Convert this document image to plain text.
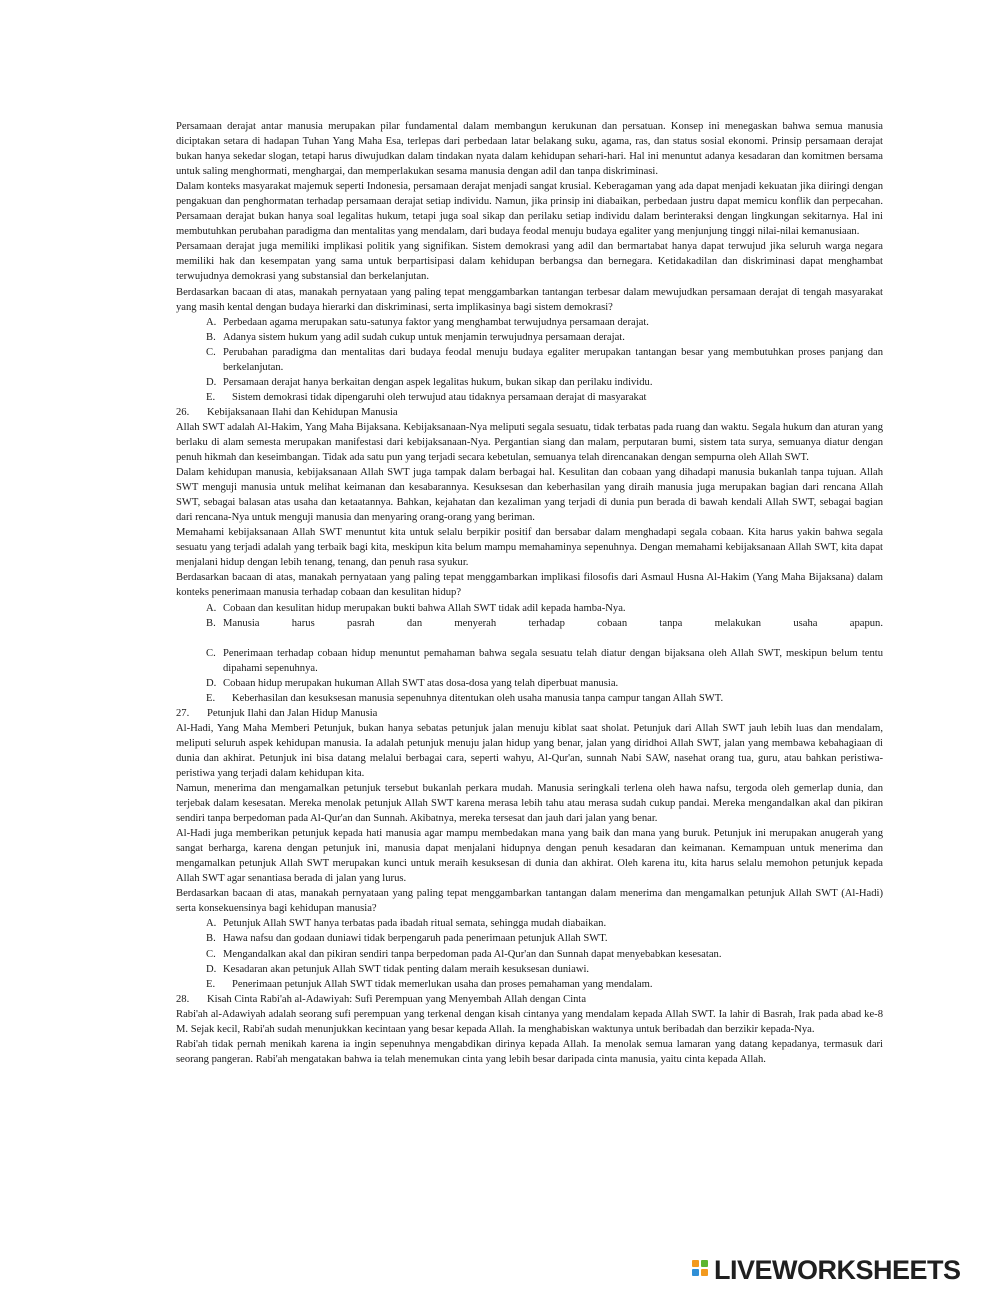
Persamaan derajat antar manusia merupakan pilar fundamental dalam membangun kerukunan dan persatuan. Konsep ini menegaskan bahwa semua manusia diciptakan setara di hadapan Tuhan Yang Maha Esa, terlepas dari perbedaan latar belakang suku, agama, ras, dan status sosial ekonomi. Prinsip persamaan derajat bukan hanya sekedar slogan, tetapi harus diwujudkan dalam tindakan nyata dalam kehidupan sehari-hari. Hal ini menuntut adanya kesadaran dan komitmen bersama untuk saling menghormati, menghargai, dan memperlakukan sesama manusia dengan adil dan tanpa diskriminasi.

Dalam konteks masyarakat majemuk seperti Indonesia, persamaan derajat menjadi sangat krusial. Keberagaman yang ada dapat menjadi kekuatan jika diiringi dengan pengakuan dan penghormatan terhadap persamaan derajat setiap individu. Namun, jika prinsip ini diabaikan, perbedaan justru dapat memicu konflik dan perpecahan. Persamaan derajat bukan hanya soal legalitas hukum, tetapi juga soal sikap dan perilaku setiap individu dalam berinteraksi dengan lingkungan sekitarnya. Hal ini membutuhkan perubahan paradigma dan mentalitas yang mendalam, dari budaya feodal menuju budaya egaliter yang menjunjung tinggi nilai-nilai kemanusiaan.

Persamaan derajat juga memiliki implikasi politik yang signifikan. Sistem demokrasi yang adil dan bermartabat hanya dapat terwujud jika seluruh warga negara memiliki hak dan kesempatan yang sama untuk berpartisipasi dalam kehidupan berbangsa dan bernegara. Ketidakadilan dan diskriminasi dapat menghambat terwujudnya demokrasi yang substansial dan berkelanjutan.

Berdasarkan bacaan di atas, manakah pernyataan yang paling tepat menggambarkan tantangan terbesar dalam mewujudkan persamaan derajat di tengah masyarakat yang masih kental dengan budaya hierarki dan diskriminasi, serta implikasinya bagi sistem demokrasi?

A. Perbedaan agama merupakan satu-satunya faktor yang menghambat terwujudnya persamaan derajat.
B. Adanya sistem hukum yang adil sudah cukup untuk menjamin terwujudnya persamaan derajat.
C. Perubahan paradigma dan mentalitas dari budaya feodal menuju budaya egaliter merupakan tantangan besar yang membutuhkan proses panjang dan berkelanjutan.
D. Persamaan derajat hanya berkaitan dengan aspek legalitas hukum, bukan sikap dan perilaku individu.
E. Sistem demokrasi tidak dipengaruhi oleh terwujud atau tidaknya persamaan derajat di masyarakat

26. Kebijaksanaan Ilahi dan Kehidupan Manusia

Allah SWT adalah Al-Hakim, Yang Maha Bijaksana. Kebijaksanaan-Nya meliputi segala sesuatu, tidak terbatas pada ruang dan waktu. Segala hukum dan aturan yang berlaku di alam semesta merupakan manifestasi dari kebijaksanaan-Nya. Pergantian siang dan malam, perputaran bumi, sistem tata surya, semuanya diatur dengan penuh hikmah dan keseimbangan. Tidak ada satu pun yang terjadi secara kebetulan, semuanya telah direncanakan dengan sempurna oleh Allah SWT.

Dalam kehidupan manusia, kebijaksanaan Allah SWT juga tampak dalam berbagai hal. Kesulitan dan cobaan yang dihadapi manusia bukanlah tanpa tujuan. Allah SWT menguji manusia untuk melihat keimanan dan kesabarannya. Kesuksesan dan keberhasilan yang diraih manusia juga merupakan bagian dari rencana Allah SWT, sebagai balasan atas usaha dan ketaatannya. Bahkan, kejahatan dan kezaliman yang terjadi di dunia pun berada di bawah kendali Allah SWT, sebagai bagian dari rencana-Nya untuk menguji manusia dan menyaring orang-orang yang beriman.

Memahami kebijaksanaan Allah SWT menuntut kita untuk selalu berpikir positif dan bersabar dalam menghadapi segala cobaan. Kita harus yakin bahwa segala sesuatu yang terjadi adalah yang terbaik bagi kita, meskipun kita belum mampu memahaminya sepenuhnya. Dengan memahami kebijaksanaan Allah SWT, kita dapat menjalani hidup dengan lebih tenang, tenang, dan penuh rasa syukur.

Berdasarkan bacaan di atas, manakah pernyataan yang paling tepat menggambarkan implikasi filosofis dari Asmaul Husna Al-Hakim (Yang Maha Bijaksana) dalam konteks penerimaan manusia terhadap cobaan dan kesulitan hidup?

A. Cobaan dan kesulitan hidup merupakan bukti bahwa Allah SWT tidak adil kepada hamba-Nya.
B. Manusia harus pasrah dan menyerah terhadap cobaan tanpa melakukan usaha apapun.
C. Penerimaan terhadap cobaan hidup menuntut pemahaman bahwa segala sesuatu telah diatur dengan bijaksana oleh Allah SWT, meskipun belum tentu dipahami sepenuhnya.
D. Cobaan hidup merupakan hukuman Allah SWT atas dosa-dosa yang telah diperbuat manusia.
E. Keberhasilan dan kesuksesan manusia sepenuhnya ditentukan oleh usaha manusia tanpa campur tangan Allah SWT.

27. Petunjuk Ilahi dan Jalan Hidup Manusia

Al-Hadi, Yang Maha Memberi Petunjuk, bukan hanya sebatas petunjuk jalan menuju kiblat saat sholat. Petunjuk dari Allah SWT jauh lebih luas dan mendalam, meliputi seluruh aspek kehidupan manusia. Ia adalah petunjuk menuju jalan hidup yang benar, jalan yang diridhoi Allah SWT, jalan yang membawa kebahagiaan di dunia dan akhirat. Petunjuk ini bisa datang melalui berbagai cara, seperti wahyu, Al-Qur'an, sunnah Nabi SAW, nasehat orang tua, guru, atau bahkan peristiwa-peristiwa yang terjadi dalam kehidupan kita.

Namun, menerima dan mengamalkan petunjuk tersebut bukanlah perkara mudah. Manusia seringkali terlena oleh hawa nafsu, tergoda oleh gemerlap dunia, dan terjebak dalam kesesatan. Mereka menolak petunjuk Allah SWT karena merasa lebih tahu atau merasa sudah cukup pandai. Mereka mengandalkan akal dan pikiran sendiri tanpa berpedoman pada Al-Qur'an dan Sunnah. Akibatnya, mereka tersesat dan jauh dari jalan yang benar.

Al-Hadi juga memberikan petunjuk kepada hati manusia agar mampu membedakan mana yang baik dan mana yang buruk. Petunjuk ini merupakan anugerah yang sangat berharga, karena dengan petunjuk ini, manusia dapat menjalani hidupnya dengan penuh kesadaran dan keimanan. Kemampuan untuk menerima dan mengamalkan petunjuk Allah SWT merupakan kunci untuk meraih kesuksesan di dunia dan akhirat. Oleh karena itu, kita harus selalu memohon petunjuk kepada Allah SWT agar senantiasa berada di jalan yang lurus.

Berdasarkan bacaan di atas, manakah pernyataan yang paling tepat menggambarkan tantangan dalam menerima dan mengamalkan petunjuk Allah SWT (Al-Hadi) serta konsekuensinya bagi kehidupan manusia?

A. Petunjuk Allah SWT hanya terbatas pada ibadah ritual semata, sehingga mudah diabaikan.
B. Hawa nafsu dan godaan duniawi tidak berpengaruh pada penerimaan petunjuk Allah SWT.
C. Mengandalkan akal dan pikiran sendiri tanpa berpedoman pada Al-Qur'an dan Sunnah dapat menyebabkan kesesatan.
D. Kesadaran akan petunjuk Allah SWT tidak penting dalam meraih kesuksesan duniawi.
E. Penerimaan petunjuk Allah SWT tidak memerlukan usaha dan proses pemahaman yang mendalam.

28. Kisah Cinta Rabi'ah al-Adawiyah: Sufi Perempuan yang Menyembah Allah dengan Cinta

Rabi'ah al-Adawiyah adalah seorang sufi perempuan yang terkenal dengan kisah cintanya yang mendalam kepada Allah SWT. Ia lahir di Basrah, Irak pada abad ke-8 M. Sejak kecil, Rabi'ah sudah menunjukkan kecintaan yang besar kepada Allah. Ia menghabiskan waktunya untuk beribadah dan berzikir kepada-Nya.

Rabi'ah tidak pernah menikah karena ia ingin sepenuhnya mengabdikan dirinya kepada Allah. Ia menolak semua lamaran yang datang kepadanya, termasuk dari seorang pangeran. Rabi'ah mengatakan bahwa ia telah menemukan cinta yang lebih besar daripada cinta manusia, yaitu cinta kepada Allah.

LIVEWORKSHEETS
